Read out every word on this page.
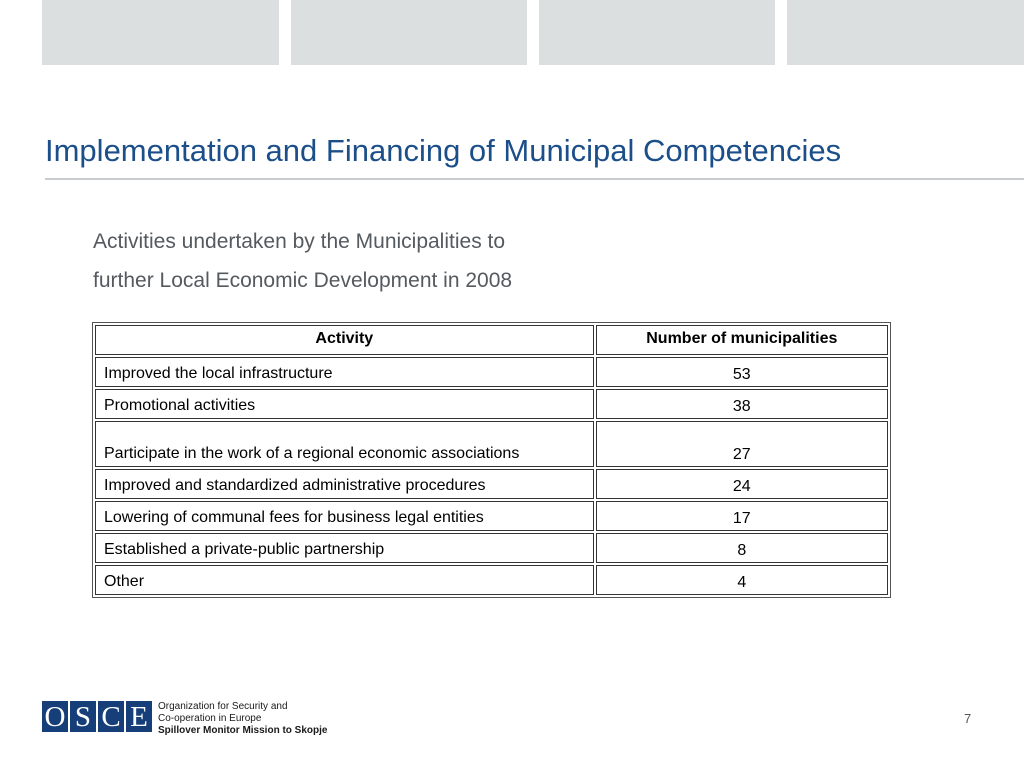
Implementation and Financing of Municipal Competencies
Activities undertaken by the Municipalities to
further Local Economic Development in 2008
Activity	Number of municipalities
Improved the local infrastructure	53
Promotional activities	38
Participate in the work of a regional economic associations	27
Improved and standardized administrative procedures	24
Lowering of communal fees for business legal entities	17
Established a private-public partnership	8
Other	4
O S C E	Organization for Security and
Co-operation in Europe
Spillover Monitor Mission to Skopje
7
